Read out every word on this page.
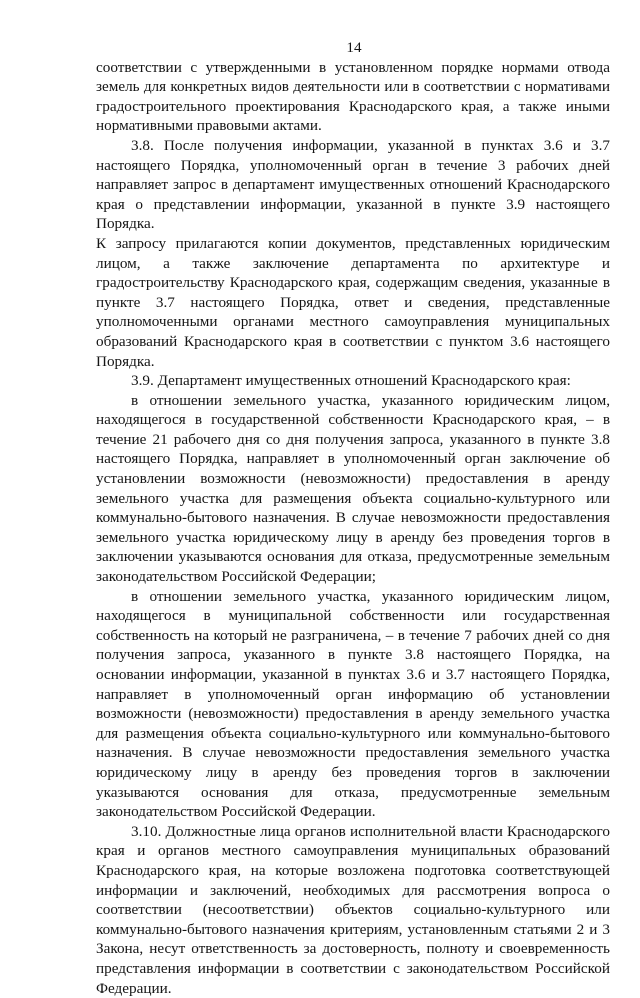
14

соответствии с утвержденными в установленном порядке нормами отвода земель для конкретных видов деятельности или в соответствии с нормативами градостроительного проектирования Краснодарского края, а также иными нормативными правовыми актами.

3.8. После получения информации, указанной в пунктах 3.6 и 3.7 настоящего Порядка, уполномоченный орган в течение 3 рабочих дней направляет запрос в департамент имущественных отношений Краснодарского края о представлении информации, указанной в пункте 3.9 настоящего Порядка.

К запросу прилагаются копии документов, представленных юридическим лицом, а также заключение департамента по архитектуре и градостроительству Краснодарского края, содержащим сведения, указанные в пункте 3.7 настоящего Порядка, ответ и сведения, представленные уполномоченными органами местного самоуправления муниципальных образований Краснодарского края в соответствии с пунктом 3.6 настоящего Порядка.

3.9. Департамент имущественных отношений Краснодарского края:

в отношении земельного участка, указанного юридическим лицом, находящегося в государственной собственности Краснодарского края, – в течение 21 рабочего дня со дня получения запроса, указанного в пункте 3.8 настоящего Порядка, направляет в уполномоченный орган заключение об установлении возможности (невозможности) предоставления в аренду земельного участка для размещения объекта социально-культурного или коммунально-бытового назначения. В случае невозможности предоставления земельного участка юридическому лицу в аренду без проведения торгов в заключении указываются основания для отказа, предусмотренные земельным законодательством Российской Федерации;

в отношении земельного участка, указанного юридическим лицом, находящегося в муниципальной собственности или государственная собственность на который не разграничена, – в течение 7 рабочих дней со дня получения запроса, указанного в пункте 3.8 настоящего Порядка, на основании информации, указанной в пунктах 3.6 и 3.7 настоящего Порядка, направляет в уполномоченный орган информацию об установлении возможности (невозможности) предоставления в аренду земельного участка для размещения объекта социально-культурного или коммунально-бытового назначения. В случае невозможности предоставления земельного участка юридическому лицу в аренду без проведения торгов в заключении указываются основания для отказа, предусмотренные земельным законодательством Российской Федерации.

3.10. Должностные лица органов исполнительной власти Краснодарского края и органов местного самоуправления муниципальных образований Краснодарского края, на которые возложена подготовка соответствующей информации и заключений, необходимых для рассмотрения вопроса о соответствии (несоответствии) объектов социально-культурного или коммунально-бытового назначения критериям, установленным статьями 2 и 3 Закона, несут ответственность за достоверность, полноту и своевременность представления информации в соответствии с законодательством Российской Федерации.
